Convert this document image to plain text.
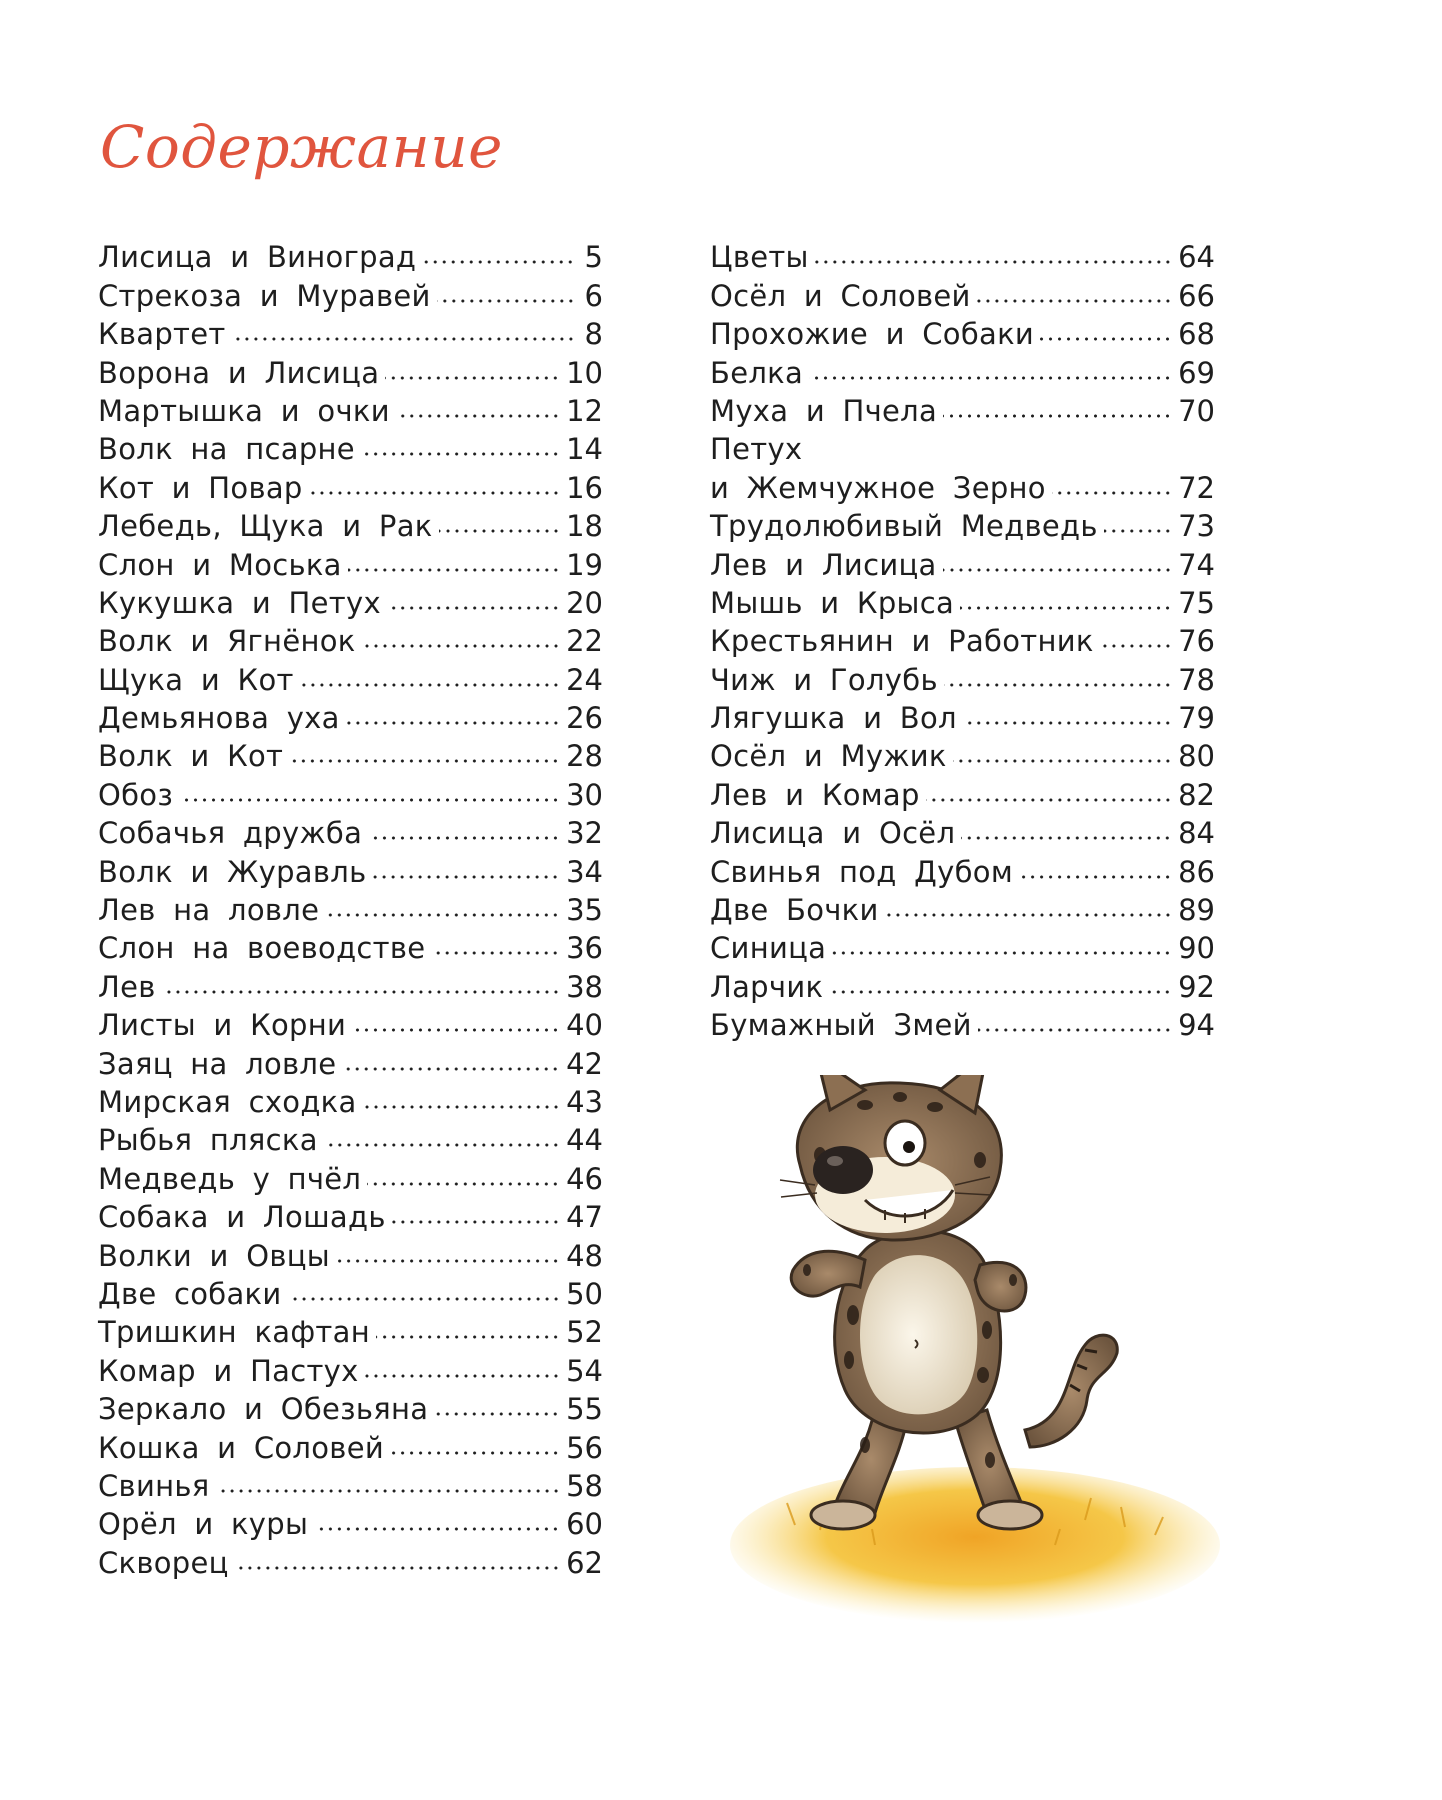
Содержание
Лисица и Виноград	5
Стрекоза и Муравей	6
Квартет	8
Ворона и Лисица	10
Мартышка и очки	12
Волк на псарне	14
Кот и Повар	16
Лебедь, Щука и Рак	18
Слон и Моська	19
Кукушка и Петух	20
Волк и Ягнёнок	22
Щука и Кот	24
Демьянова уха	26
Волк и Кот	28
Обоз	30
Собачья дружба	32
Волк и Журавль	34
Лев на ловле	35
Слон на воеводстве	36
Лев	38
Листы и Корни	40
Заяц на ловле	42
Мирская сходка	43
Рыбья пляска	44
Медведь у пчёл	46
Собака и Лошадь	47
Волки и Овцы	48
Две собаки	50
Тришкин кафтан	52
Комар и Пастух	54
Зеркало и Обезьяна	55
Кошка и Соловей	56
Свинья	58
Орёл и куры	60
Скворец	62
Цветы	64
Осёл и Соловей	66
Прохожие и Собаки	68
Белка	69
Муха и Пчела	70
Петух
и Жемчужное Зерно	72
Трудолюбивый Медведь	73
Лев и Лисица	74
Мышь и Крыса	75
Крестьянин и Работник	76
Чиж и Голубь	78
Лягушка и Вол	79
Осёл и Мужик	80
Лев и Комар	82
Лисица и Осёл	84
Свинья под Дубом	86
Две Бочки	89
Синица	90
Ларчик	92
Бумажный Змей	94
